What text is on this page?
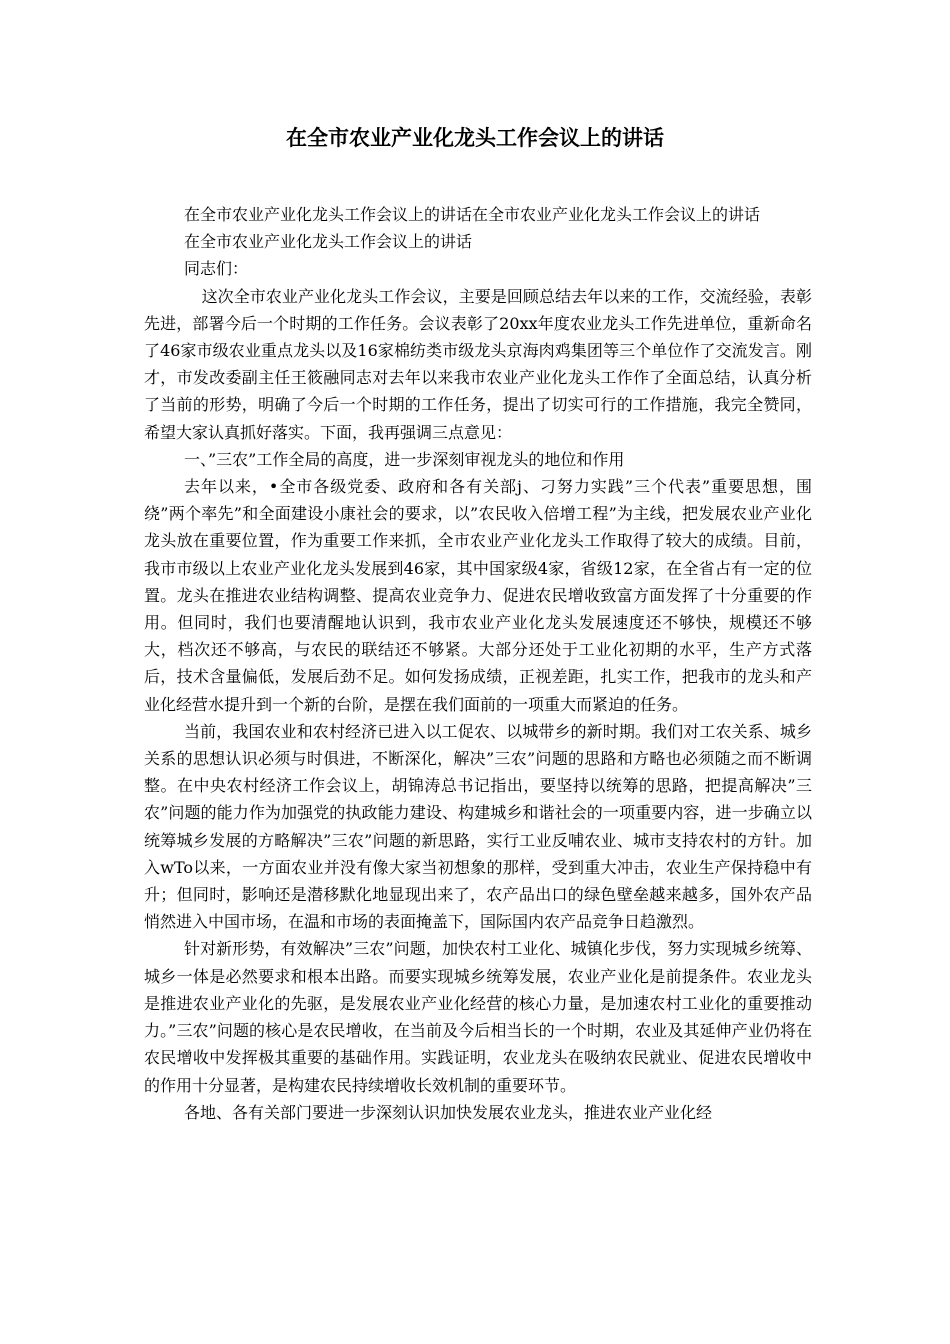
在全市农业产业化龙头工作会议上的讲话

在全市农业产业化龙头工作会议上的讲话在全市农业产业化龙头工作会议上的讲话

在全市农业产业化龙头工作会议上的讲话

同志们：

这次全市农业产业化龙头工作会议，主要是回顾总结去年以来的工作，交流经验，表彰先进，部署今后一个时期的工作任务。会议表彰了20xx年度农业龙头工作先进单位，重新命名了46家市级农业重点龙头以及16家棉纺类市级龙头京海肉鸡集团等三个单位作了交流发言。刚才，市发改委副主任王筱融同志对去年以来我市农业产业化龙头工作作了全面总结，认真分析了当前的形势，明确了今后一个时期的工作任务，提出了切实可行的工作措施，我完全赞同，希望大家认真抓好落实。下面，我再强调三点意见：

一、”三农”工作全局的高度，进一步深刻审视龙头的地位和作用

去年以来，•全市各级党委、政府和各有关部j、刁努力实践”三个代表”重要思想，围绕”两个率先”和全面建设小康社会的要求，以”农民收入倍增工程”为主线，把发展农业产业化龙头放在重要位置，作为重要工作来抓，全市农业产业化龙头工作取得了较大的成绩。目前，我市市级以上农业产业化龙头发展到46家，其中国家级4家，省级12家，在全省占有一定的位置。龙头在推进农业结构调整、提高农业竞争力、促进农民增收致富方面发挥了十分重要的作用。但同时，我们也要清醒地认识到，我市农业产业化龙头发展速度还不够快，规模还不够大，档次还不够高，与农民的联结还不够紧。大部分还处于工业化初期的水平，生产方式落后，技术含量偏低，发展后劲不足。如何发扬成绩，正视差距，扎实工作，把我市的龙头和产业化经营水提升到一个新的台阶，是摆在我们面前的一项重大而紧迫的任务。

当前，我国农业和农村经济已进入以工促农、以城带乡的新时期。我们对工农关系、城乡关系的思想认识必须与时俱进，不断深化，解决”三农”问题的思路和方略也必须随之而不断调整。在中央农村经济工作会议上，胡锦涛总书记指出，要坚持以统筹的思路，把提高解决”三农”问题的能力作为加强党的执政能力建设、构建城乡和谐社会的一项重要内容，进一步确立以统筹城乡发展的方略解决”三农”问题的新思路，实行工业反哺农业、城市支持农村的方针。加入wTo以来，一方面农业并没有像大家当初想象的那样，受到重大冲击，农业生产保持稳中有升；但同时，影响还是潜移默化地显现出来了，农产品出口的绿色壁垒越来越多，国外农产品悄然进入中国市场，在温和市场的表面掩盖下，国际国内农产品竞争日趋激烈。

针对新形势，有效解决”三农”问题，加快农村工业化、城镇化步伐，努力实现城乡统筹、城乡一体是必然要求和根本出路。而要实现城乡统筹发展，农业产业化是前提条件。农业龙头是推进农业产业化的先驱，是发展农业产业化经营的核心力量，是加速农村工业化的重要推动力。”三农”问题的核心是农民增收，在当前及今后相当长的一个时期，农业及其延伸产业仍将在农民增收中发挥极其重要的基础作用。实践证明，农业龙头在吸纳农民就业、促进农民增收中的作用十分显著，是构建农民持续增收长效机制的重要环节。

各地、各有关部门要进一步深刻认识加快发展农业龙头，推进农业产业化经
